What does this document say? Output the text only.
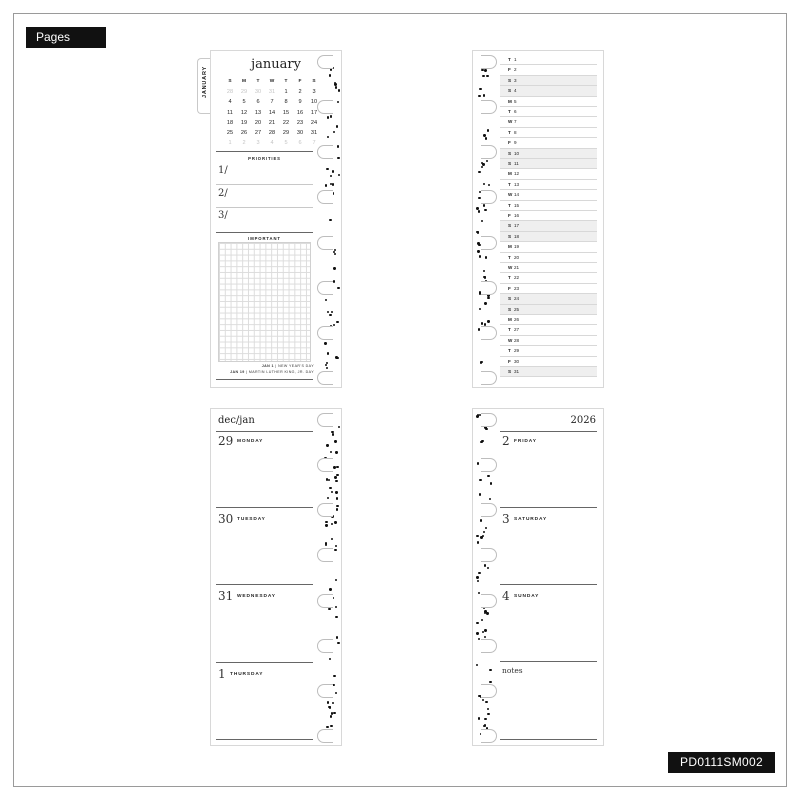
Pages
PD0111SM002
JANUARY
january
S	M	T	W	T	F	S
28	29	30	31	1	2	3
4	5	6	7	8	9	10
11	12	13	14	15	16	17
18	19	20	21	22	23	24
25	26	27	28	29	30	31
1	2	3	4	5	6	7
PRIORITIES
1/
2/
3/
IMPORTANT
JAN 1 | NEW YEAR'S DAY
JAN 19 | MARTIN LUTHER KING, JR. DAY
T 1
F 2
S 3
S 4
M 5
T 6
W 7
T 8
F 9
S 10
S 11
M 12
T 13
W 14
T 15
F 16
S 17
S 18
M 19
T 20
W 21
T 22
F 23
S 24
S 25
M 26
T 27
W 28
T 29
F 30
S 31
dec/jan
29 MONDAY
30 TUESDAY
31 WEDNESDAY
1 THURSDAY
2026
2 FRIDAY
3 SATURDAY
4 SUNDAY
notes
